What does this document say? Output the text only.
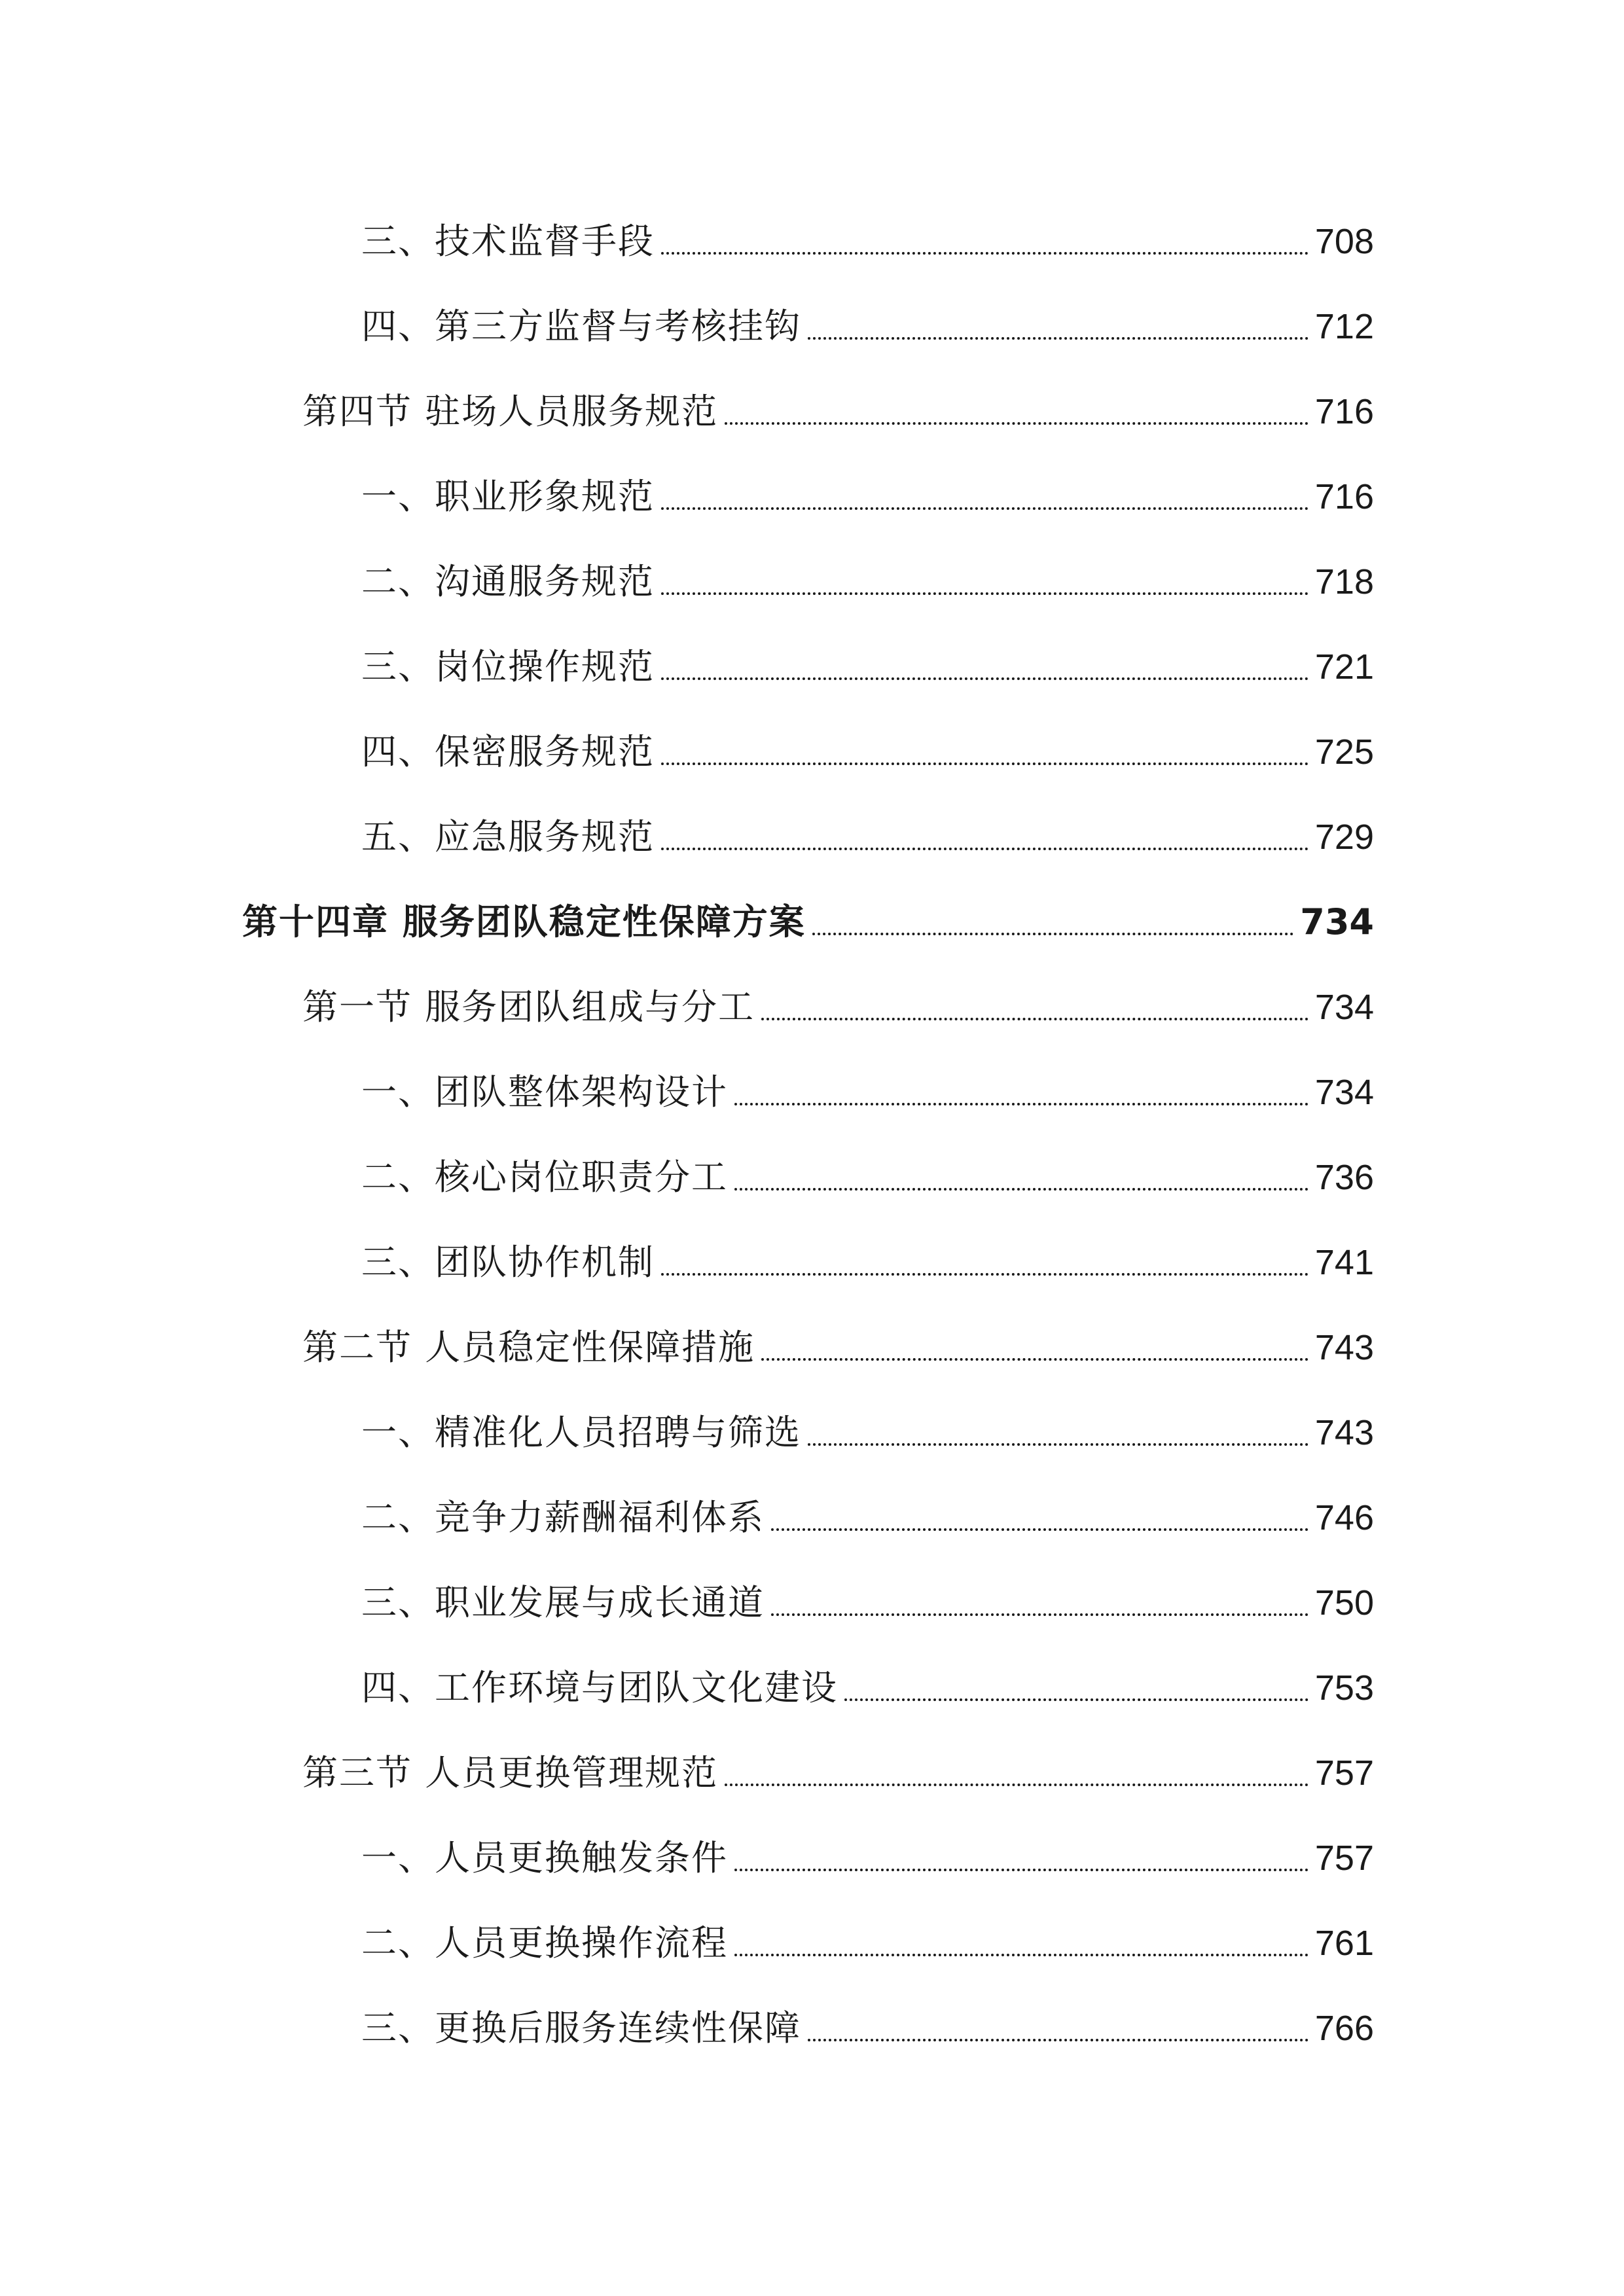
三、技术监督手段	708
四、第三方监督与考核挂钩	712
第四节 驻场人员服务规范	716
一、职业形象规范	716
二、沟通服务规范	718
三、岗位操作规范	721
四、保密服务规范	725
五、应急服务规范	729
第十四章 服务团队稳定性保障方案	734
第一节 服务团队组成与分工	734
一、团队整体架构设计	734
二、核心岗位职责分工	736
三、团队协作机制	741
第二节 人员稳定性保障措施	743
一、精准化人员招聘与筛选	743
二、竞争力薪酬福利体系	746
三、职业发展与成长通道	750
四、工作环境与团队文化建设	753
第三节 人员更换管理规范	757
一、人员更换触发条件	757
二、人员更换操作流程	761
三、更换后服务连续性保障	766
